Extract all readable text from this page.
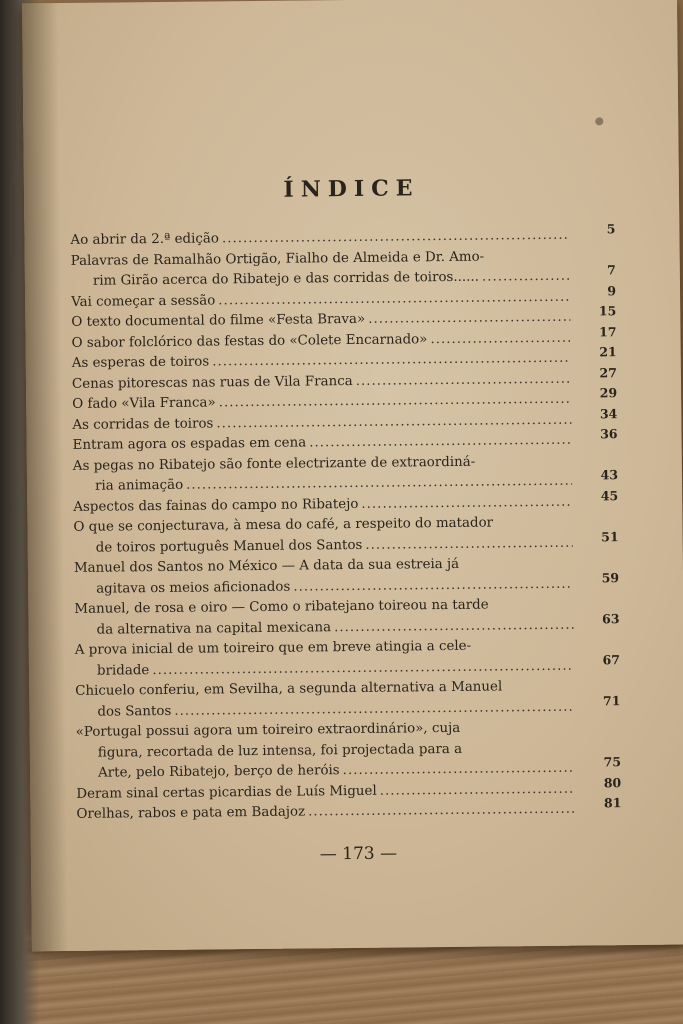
ÍNDICE
Ao abrir da 2.ª edição
.....
5
Palavras de Ramalhão Ortigão, Fialho de Almeida e Dr. Amo-
rim Girão acerca do Ribatejo e das corridas de toiros......
.....	7
Vai começar a sessão
.....
9
O texto documental do filme «Festa Brava»
.....
15
O sabor folclórico das festas do «Colete Encarnado»
.....
17
As esperas de toiros
.....
21
Cenas pitorescas nas ruas de Vila Franca
.....
27
O fado «Vila Franca»
.....
29
As corridas de toiros
.....
34
Entram agora os espadas em cena
.....
36
As pegas no Ribatejo são fonte electrizante de extraordiná-
ria animação
.....
43
Aspectos das fainas do campo no Ribatejo
.....
45
O que se conjecturava, à mesa do café, a respeito do matador
de toiros português Manuel dos Santos
.....
51
Manuel dos Santos no México — A data da sua estreia já
agitava os meios aficionados
.....
59
Manuel, de rosa e oiro — Como o ribatejano toireou na tarde
da alternativa na capital mexicana
.....
63
A prova inicial de um toireiro que em breve atingia a cele-
bridade
.....
67
Chicuelo conferiu, em Sevilha, a segunda alternativa a Manuel
dos Santos
.....
71
«Portugal possui agora um toireiro extraordinário», cuja
figura, recortada de luz intensa, foi projectada para a
Arte, pelo Ribatejo, berço de heróis
.....
75
Deram sinal certas picardias de Luís Miguel
.....
80
Orelhas, rabos e pata em Badajoz
.....
81
— 173 —
